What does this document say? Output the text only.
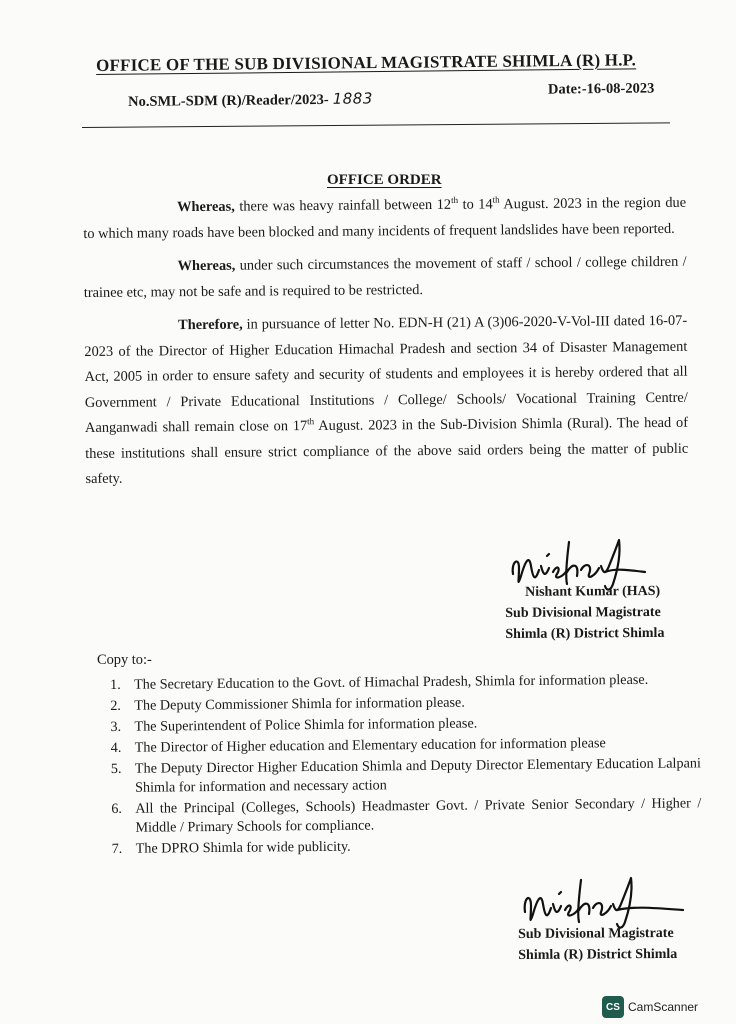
OFFICE OF THE SUB DIVISIONAL MAGISTRATE SHIMLA (R) H.P.
No.SML-SDM (R)/Reader/2023- 1883
Date:-16-08-2023
OFFICE ORDER

Whereas, there was heavy rainfall between 12th to 14th August. 2023 in the region due to which many roads have been blocked and many incidents of frequent landslides have been reported.

Whereas, under such circumstances the movement of staff / school / college children / trainee etc, may not be safe and is required to be restricted.

Therefore, in pursuance of letter No. EDN-H (21) A (3)06-2020-V-Vol-III dated 16-07-2023 of the Director of Higher Education Himachal Pradesh and section 34 of Disaster Management Act, 2005 in order to ensure safety and security of students and employees it is hereby ordered that all Government / Private Educational Institutions / College/ Schools/ Vocational Training Centre/ Aanganwadi shall remain close on 17th August. 2023 in the Sub-Division Shimla (Rural). The head of these institutions shall ensure strict compliance of the above said orders being the matter of public safety.

Nishant Kumar (HAS)
Sub Divisional Magistrate
Shimla (R) District Shimla
Copy to:-
1. The Secretary Education to the Govt. of Himachal Pradesh, Shimla for information please.
2. The Deputy Commissioner Shimla for information please.
3. The Superintendent of Police Shimla for information please.
4. The Director of Higher education and Elementary education for information please
5. The Deputy Director Higher Education Shimla and Deputy Director Elementary Education Lalpani Shimla for information and necessary action
6. All the Principal (Colleges, Schools) Headmaster Govt. / Private Senior Secondary / Higher / Middle / Primary Schools for compliance.
7. The DPRO Shimla for wide publicity.
Sub Divisional Magistrate
Shimla (R) District Shimla
CS CamScanner
